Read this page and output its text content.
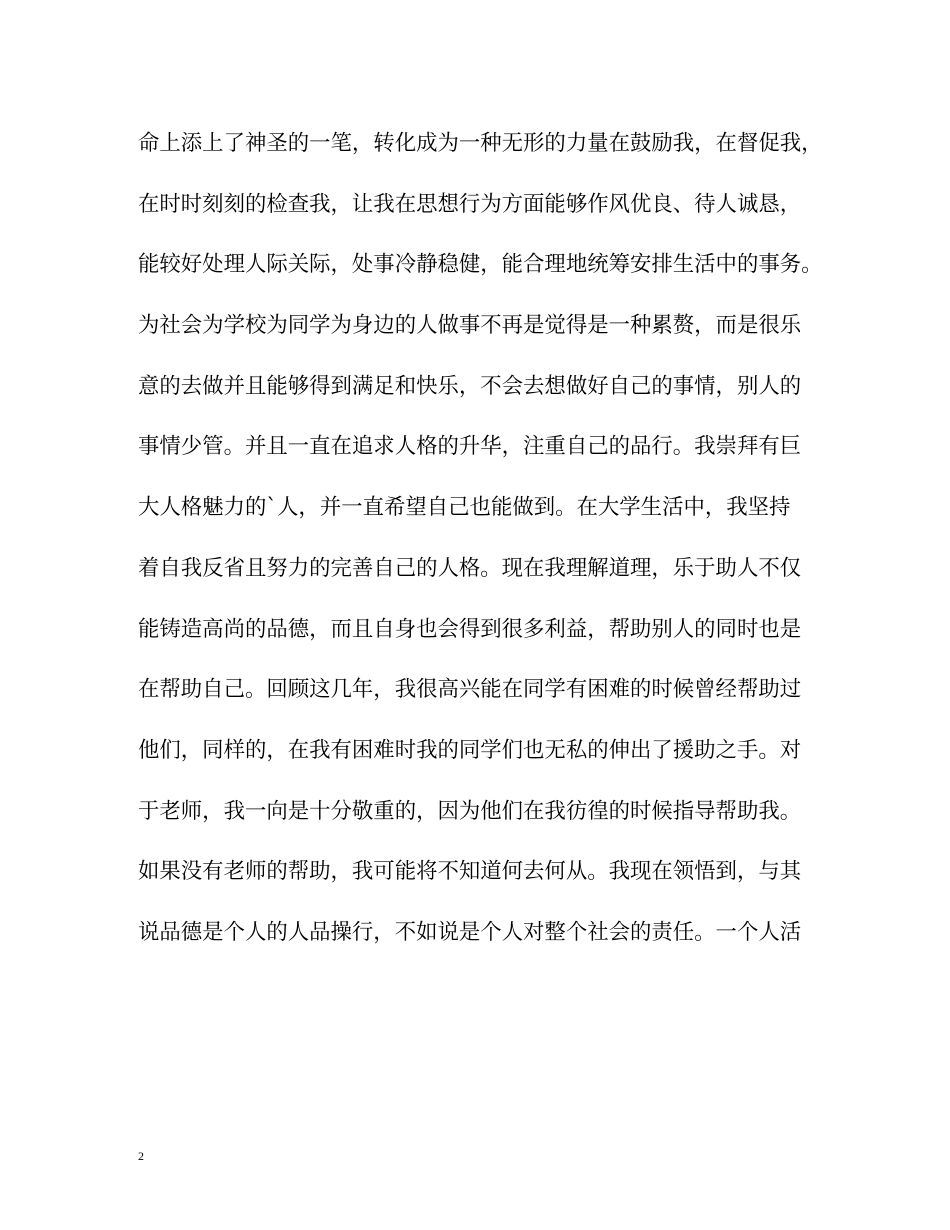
命上添上了神圣的一笔，转化成为一种无形的力量在鼓励我，在督促我，
在时时刻刻的检查我，让我在思想行为方面能够作风优良、待人诚恳，
能较好处理人际关际，处事冷静稳健，能合理地统筹安排生活中的事务。
为社会为学校为同学为身边的人做事不再是觉得是一种累赘，而是很乐
意的去做并且能够得到满足和快乐，不会去想做好自己的事情，别人的
事情少管。并且一直在追求人格的升华，注重自己的品行。我崇拜有巨
大人格魅力的`人，并一直希望自己也能做到。在大学生活中，我坚持
着自我反省且努力的完善自己的人格。现在我理解道理，乐于助人不仅
能铸造高尚的品德，而且自身也会得到很多利益，帮助别人的同时也是
在帮助自己。回顾这几年，我很高兴能在同学有困难的时候曾经帮助过
他们，同样的，在我有困难时我的同学们也无私的伸出了援助之手。对
于老师，我一向是十分敬重的，因为他们在我彷徨的时候指导帮助我。
如果没有老师的帮助，我可能将不知道何去何从。我现在领悟到，与其
说品德是个人的人品操行，不如说是个人对整个社会的责任。一个人活
2
